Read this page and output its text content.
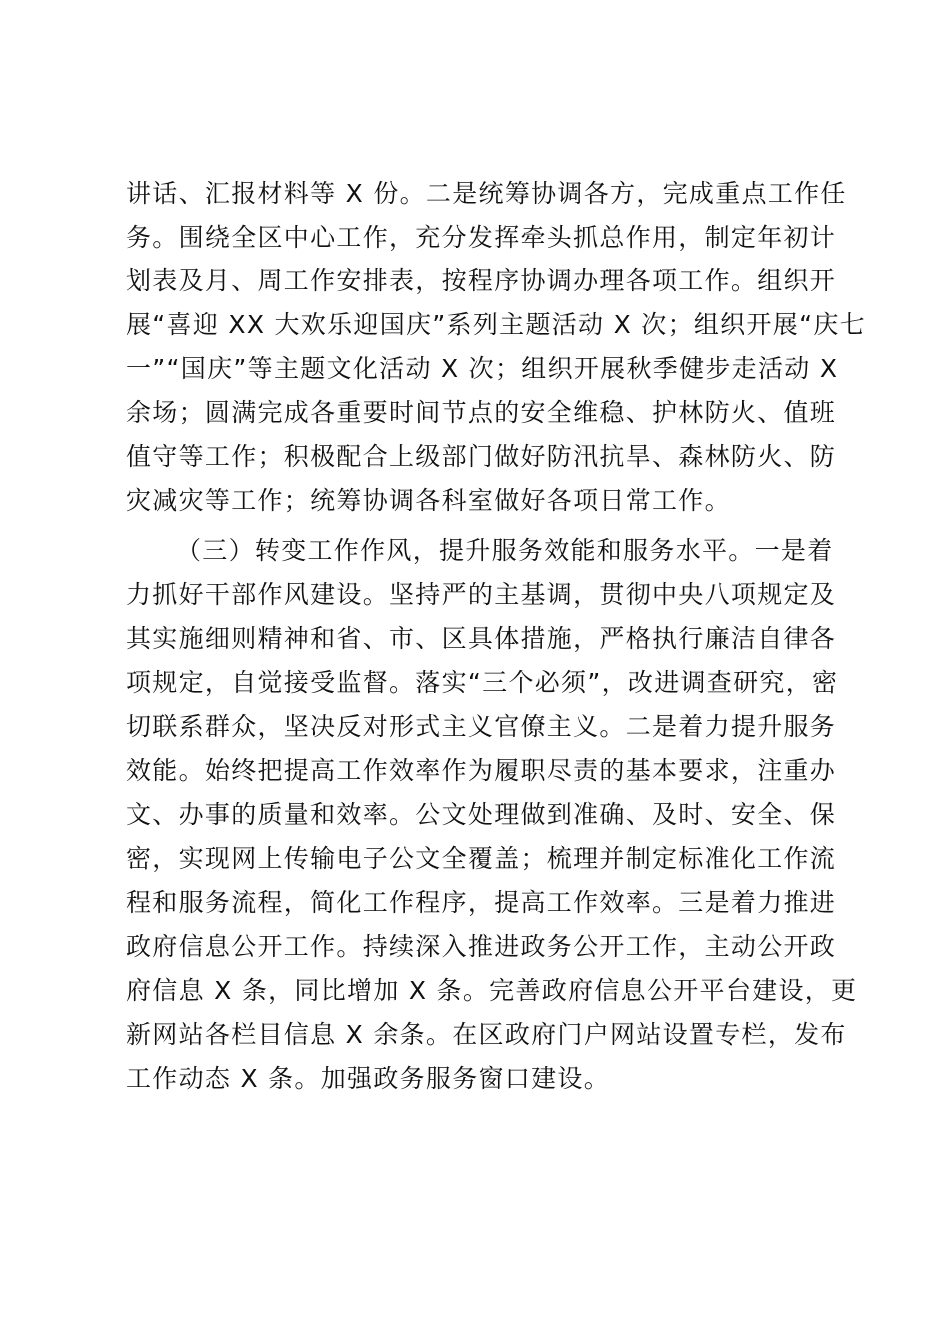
讲话、汇报材料等 X 份。二是统筹协调各方，完成重点工作任
务。围绕全区中心工作，充分发挥牵头抓总作用，制定年初计
划表及月、周工作安排表，按程序协调办理各项工作。组织开
展“喜迎 XX 大欢乐迎国庆”系列主题活动 X 次；组织开展“庆七
一”“国庆”等主题文化活动 X 次；组织开展秋季健步走活动 X
余场；圆满完成各重要时间节点的安全维稳、护林防火、值班
值守等工作；积极配合上级部门做好防汛抗旱、森林防火、防
灾减灾等工作；统筹协调各科室做好各项日常工作。
（三）转变工作作风，提升服务效能和服务水平。一是着
力抓好干部作风建设。坚持严的主基调，贯彻中央八项规定及
其实施细则精神和省、市、区具体措施，严格执行廉洁自律各
项规定，自觉接受监督。落实“三个必须”，改进调查研究，密
切联系群众，坚决反对形式主义官僚主义。二是着力提升服务
效能。始终把提高工作效率作为履职尽责的基本要求，注重办
文、办事的质量和效率。公文处理做到准确、及时、安全、保
密，实现网上传输电子公文全覆盖；梳理并制定标准化工作流
程和服务流程，简化工作程序，提高工作效率。三是着力推进
政府信息公开工作。持续深入推进政务公开工作，主动公开政
府信息 X 条，同比增加 X 条。完善政府信息公开平台建设，更
新网站各栏目信息 X 余条。在区政府门户网站设置专栏，发布
工作动态 X 条。加强政务服务窗口建设。
